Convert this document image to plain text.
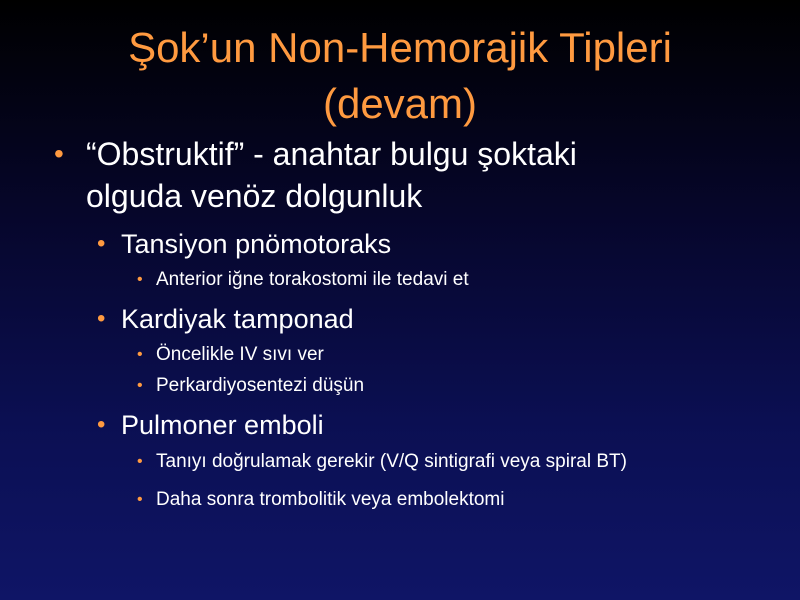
Şok’un Non-Hemorajik Tipleri
(devam)
• “Obstruktif” - anahtar bulgu şoktaki
olguda venöz dolgunluk
• Tansiyon pnömotoraks
• Anterior iğne torakostomi ile tedavi et
• Kardiyak tamponad
• Öncelikle IV sıvı ver
• Perkardiyosentezi düşün
• Pulmoner emboli
• Tanıyı doğrulamak gerekir (V/Q sintigrafi veya spiral BT)
• Daha sonra trombolitik veya embolektomi
